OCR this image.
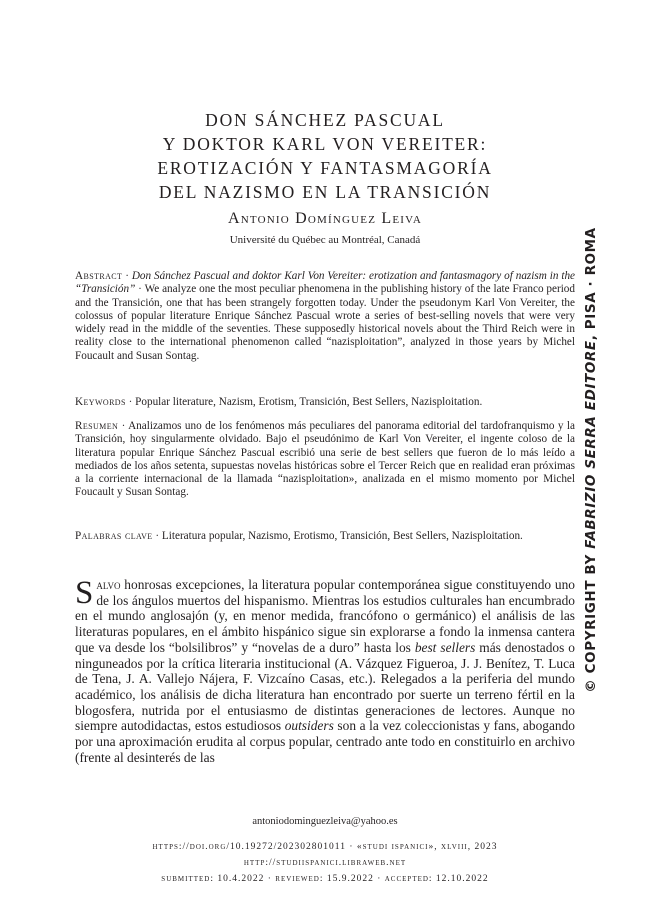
DON SÁNCHEZ PASCUAL
Y DOKTOR KARL VON VEREITER:
EROTIZACIÓN Y FANTASMAGORÍA
DEL NAZISMO EN LA TRANSICIÓN
Antonio Domínguez Leiva
Université du Québec au Montréal, Canadá
Abstract · Don Sánchez Pascual and doktor Karl Von Vereiter: erotization and fantasmagory of nazism in the “Transición” · We analyze one the most peculiar phenomena in the publishing history of the late Franco period and the Transición, one that has been strangely forgotten today. Under the pseudonym Karl Von Vereiter, the colossus of popular literature Enrique Sánchez Pascual wrote a series of best-selling novels that were very widely read in the middle of the seventies. These supposedly historical novels about the Third Reich were in reality close to the international phenomenon called “nazisploitation”, analyzed in those years by Michel Foucault and Susan Sontag.
Keywords · Popular literature, Nazism, Erotism, Transición, Best Sellers, Nazisploitation.
Resumen · Analizamos uno de los fenómenos más peculiares del panorama editorial del tardofranquismo y la Transición, hoy singularmente olvidado. Bajo el pseudónimo de Karl Von Vereiter, el ingente coloso de la literatura popular Enrique Sánchez Pascual escribió una serie de best sellers que fueron de lo más leído a mediados de los años setenta, supuestas novelas históricas sobre el Tercer Reich que en realidad eran próximas a la corriente internacional de la llamada “nazisploitation», analizada en el mismo momento por Michel Foucault y Susan Sontag.
Palabras clave · Literatura popular, Nazismo, Erotismo, Transición, Best Sellers, Nazisploitation.
Salvo honrosas excepciones, la literatura popular contemporánea sigue constituyendo uno de los ángulos muertos del hispanismo. Mientras los estudios culturales han encumbrado en el mundo anglosajón (y, en menor medida, francófono o germánico) el análisis de las literaturas populares, en el ámbito hispánico sigue sin explorarse a fondo la inmensa cantera que va desde los “bolsilibros” y “novelas de a duro” hasta los best sellers más denostados o ninguneados por la crítica literaria institucional (A. Vázquez Figueroa, J. J. Benítez, T. Luca de Tena, J. A. Vallejo Nájera, F. Vizcaíno Casas, etc.). Relegados a la periferia del mundo académico, los análisis de dicha literatura han encontrado por suerte un terreno fértil en la blogosfera, nutrida por el entusiasmo de distintas generaciones de lectores. Aunque no siempre autodidactas, estos estudiosos outsiders son a la vez coleccionistas y fans, abogando por una aproximación erudita al corpus popular, centrado ante todo en constituirlo en archivo (frente al desinterés de las
antoniodominguezleiva@yahoo.es
https://doi.org/10.19272/202302801011 · «studi ispanici», xlviii, 2023
http://studiispanici.libraweb.net
submitted: 10.4.2022 · reviewed: 15.9.2022 · accepted: 12.10.2022
© COPYRIGHT BY FABRIZIO SERRA EDITORE, PISA · ROMA
